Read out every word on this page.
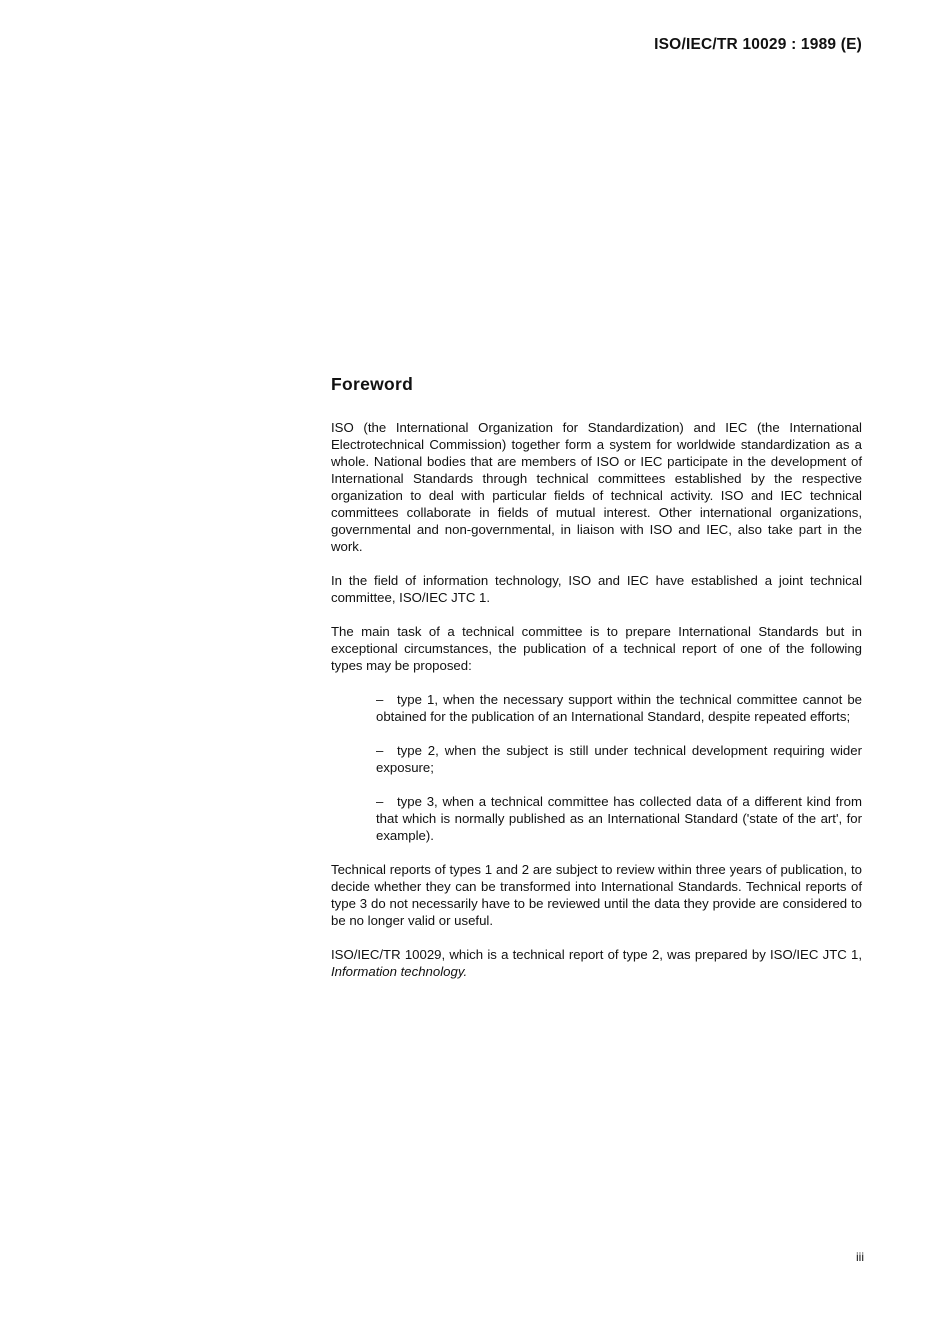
ISO/IEC/TR 10029 : 1989 (E)
Foreword

ISO (the International Organization for Standardization) and IEC (the International Electrotechnical Commission) together form a system for worldwide standardization as a whole. National bodies that are members of ISO or IEC participate in the development of International Standards through technical committees established by the respective organization to deal with particular fields of technical activity. ISO and IEC technical committees collaborate in fields of mutual interest. Other international organizations, governmental and non-governmental, in liaison with ISO and IEC, also take part in the work.

In the field of information technology, ISO and IEC have established a joint technical committee, ISO/IEC JTC 1.

The main task of a technical committee is to prepare International Standards but in exceptional circumstances, the publication of a technical report of one of the following types may be proposed:

– type 1, when the necessary support within the technical committee cannot be obtained for the publication of an International Standard, despite repeated efforts;
– type 2, when the subject is still under technical development requiring wider exposure;
– type 3, when a technical committee has collected data of a different kind from that which is normally published as an International Standard ('state of the art', for example).

Technical reports of types 1 and 2 are subject to review within three years of publication, to decide whether they can be transformed into International Standards. Technical reports of type 3 do not necessarily have to be reviewed until the data they provide are considered to be no longer valid or useful.

ISO/IEC/TR 10029, which is a technical report of type 2, was prepared by ISO/IEC JTC 1, Information technology.

iii
